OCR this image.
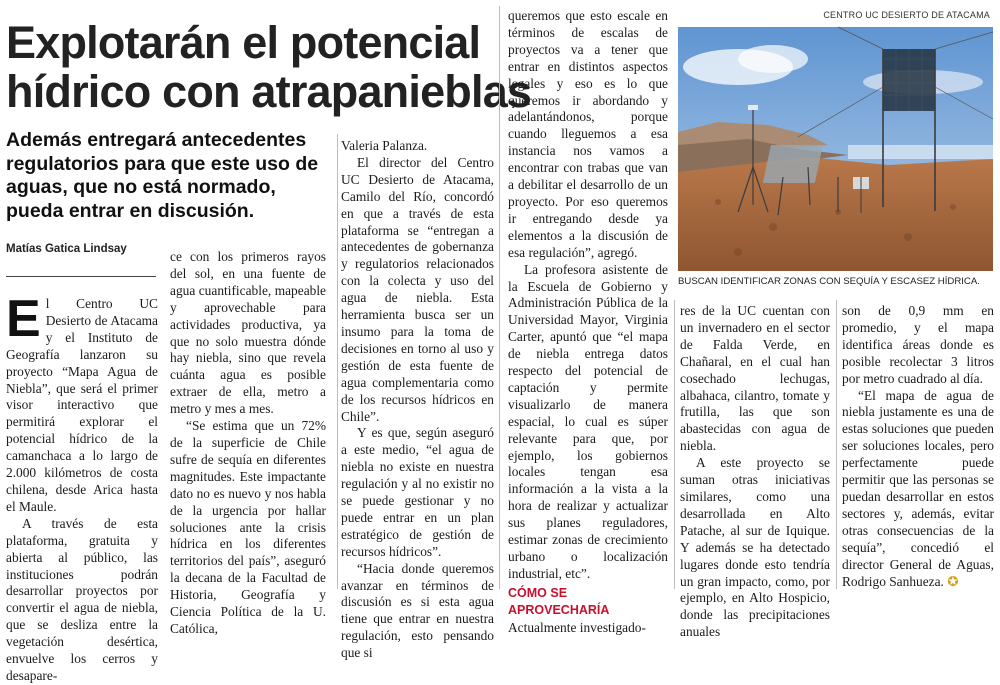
CENTRO UC DESIERTO DE ATACAMA
Explotarán el potencial
hídrico con atrapanieblas

Además entregará antecedentes regulatorios para que este uso de aguas, que no está normado, pueda entrar en discusión.

Matías Gatica Lindsay

El Centro UC Desierto de Atacama y el Instituto de Geografía lanzaron su proyecto “Mapa Agua de Niebla”, que será el primer visor interactivo que permitirá explorar el potencial hídrico de la camanchaca a lo largo de 2.000 kilómetros de costa chilena, desde Arica hasta el Maule.

A través de esta plataforma, gratuita y abierta al público, las instituciones podrán desarrollar proyectos por convertir el agua de niebla, que se desliza entre la vegetación desértica, envuelve los cerros y desapare-

ce con los primeros rayos del sol, en una fuente de agua cuantificable, mapeable y aprovechable para actividades productiva, ya que no solo muestra dónde hay niebla, sino que revela cuánta agua es posible extraer de ella, metro a metro y mes a mes.

“Se estima que un 72% de la superficie de Chile sufre de sequía en diferentes magnitudes. Este impactante dato no es nuevo y nos habla de la urgencia por hallar soluciones ante la crisis hídrica en los diferentes territorios del país”, aseguró la decana de la Facultad de Historia, Geografía y Ciencia Política de la U. Católica,

Valeria Palanza.

El director del Centro UC Desierto de Atacama, Camilo del Río, concordó en que a través de esta plataforma se “entregan a antecedentes de gobernanza y regulatorios relacionados con la colecta y uso del agua de niebla. Esta herramienta busca ser un insumo para la toma de decisiones en torno al uso y gestión de esta fuente de agua complementaria como de los recursos hídricos en Chile”.

Y es que, según aseguró a este medio, “el agua de niebla no existe en nuestra regulación y al no existir no se puede gestionar y no puede entrar en un plan estratégico de gestión de recursos hídricos”.

“Hacia donde queremos avanzar en términos de discusión es si esta agua tiene que entrar en nuestra regulación, esto pensando que si

queremos que esto escale en términos de escalas de proyectos va a tener que entrar en distintos aspectos legales y eso es lo que queremos ir abordando y adelantándonos, porque cuando lleguemos a esa instancia nos vamos a encontrar con trabas que van a debilitar el desarrollo de un proyecto. Por eso queremos ir entregando desde ya elementos a la discusión de esa regulación”, agregó.

La profesora asistente de la Escuela de Gobierno y Administración Pública de la Universidad Mayor, Virginia Carter, apuntó que “el mapa de niebla entrega datos respecto del potencial de captación y permite visualizarlo de manera espacial, lo cual es súper relevante para que, por ejemplo, los gobiernos locales tengan esa información a la vista a la hora de realizar y actualizar sus planes reguladores, estimar zonas de crecimiento urbano o localización industrial, etc”.

CÓMO SE APROVECHARÍA

Actualmente investigado-

BUSCAN IDENTIFICAR ZONAS CON SEQUÍA Y ESCASEZ HÍDRICA.

res de la UC cuentan con un invernadero en el sector de Falda Verde, en Chañaral, en el cual han cosechado lechugas, albahaca, cilantro, tomate y frutilla, las que son abastecidas con agua de niebla.

A este proyecto se suman otras iniciativas similares, como una desarrollada en Alto Patache, al sur de Iquique. Y además se ha detectado lugares donde esto tendría un gran impacto, como, por ejemplo, en Alto Hospicio, donde las precipitaciones anuales

son de 0,9 mm en promedio, y el mapa identifica áreas donde es posible recolectar 3 litros por metro cuadrado al día.

“El mapa de agua de niebla justamente es una de estas soluciones que pueden ser soluciones locales, pero perfectamente puede permitir que las personas se puedan desarrollar en estos sectores y, además, evitar otras consecuencias de la sequía”, concedió el director General de Aguas, Rodrigo Sanhueza. ✪
